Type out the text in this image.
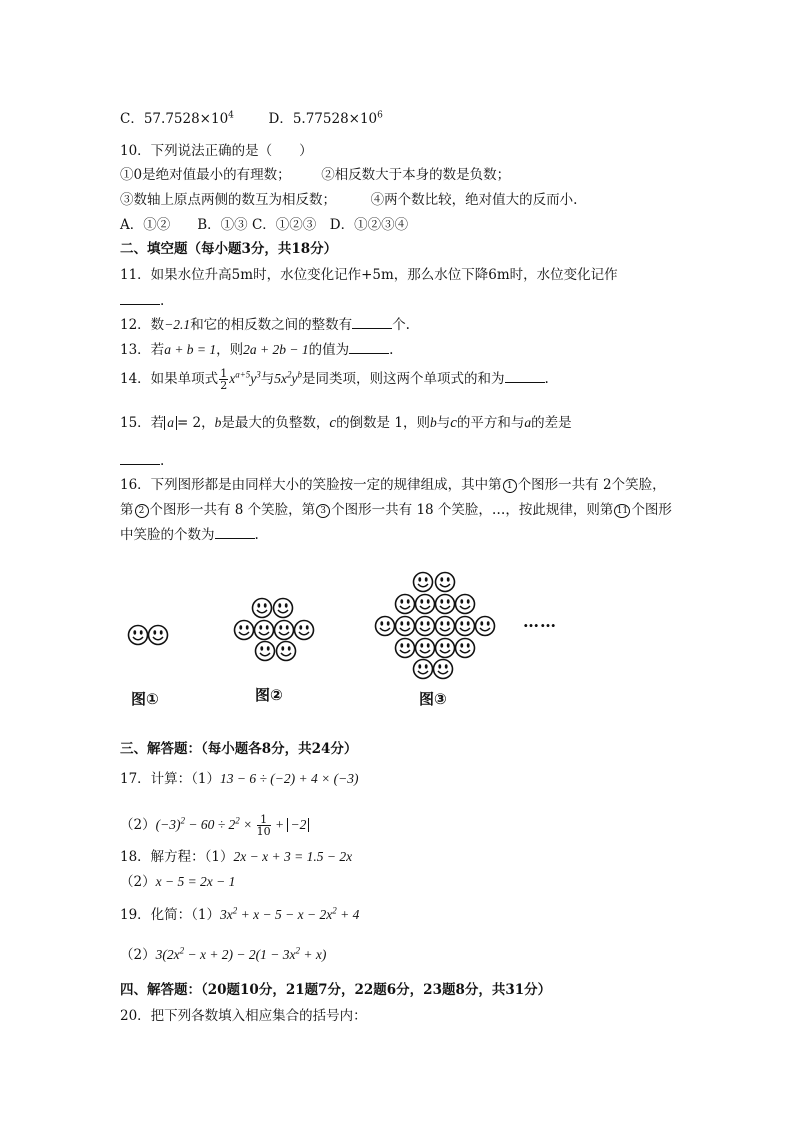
C．$57.7528\times 10^4$	D．$5.77528\times 10^6$
10．下列说法正确的是（　　）
①0是绝对值最小的有理数； ②相反数大于本身的数是负数；
③数轴上原点两侧的数互为相反数；	④两个数比较，绝对值大的反而小.
A．①②　　B．①③ C．①②③　D．①②③④
二、填空题（每小题3分，共18分）
11．如果水位升高5m时，水位变化记作+5m，那么水位下降6m时，水位变化记作
.
12．数−2.1和它的相反数之间的整数有	个.
13．若a + b = 1，则2a + 2b − 1的值为	.
14．如果单项式 $\frac{1}{2} x^{a+5}y^3$与$5x^2y^b$是同类项，则这两个单项式的和为	.
15．若 a = 2，b是最大的负整数，c的倒数是 1，则b与c的平方和与a的差是
.
16．下列图形都是由同样大小的笑脸按一定的规律组成，其中第 1 个图形一共有 2个笑脸，
第 2 个图形一共有 8 个笑脸，第 3 个图形一共有 18 个笑脸，…，按此规律，则第 11 个图形
中笑脸的个数为	.
图①	图②	图③
……
三、解答题：（每小题各8分，共24分）
17．计算：（1）13 − 6 ÷ (−2) + 4 × (−3)
$(2)(-3)^2 - 60 \div 2^2 \times \frac{1}{10} + -2$
18．解方程：（1）2x − x + 3 = 1.5 − 2x
（2）x − 5 = 2x − 1
19．化简：$(1)3x^2 + x - 5 - x - 2x^2 + 4$
$(2)3(2x^2 - x + 2) - 2(1 - 3x^2 + x)$
四、解答题：（20题10分，21题7分，22题6分，23题8分，共31分）
20．把下列各数填入相应集合的括号内：
